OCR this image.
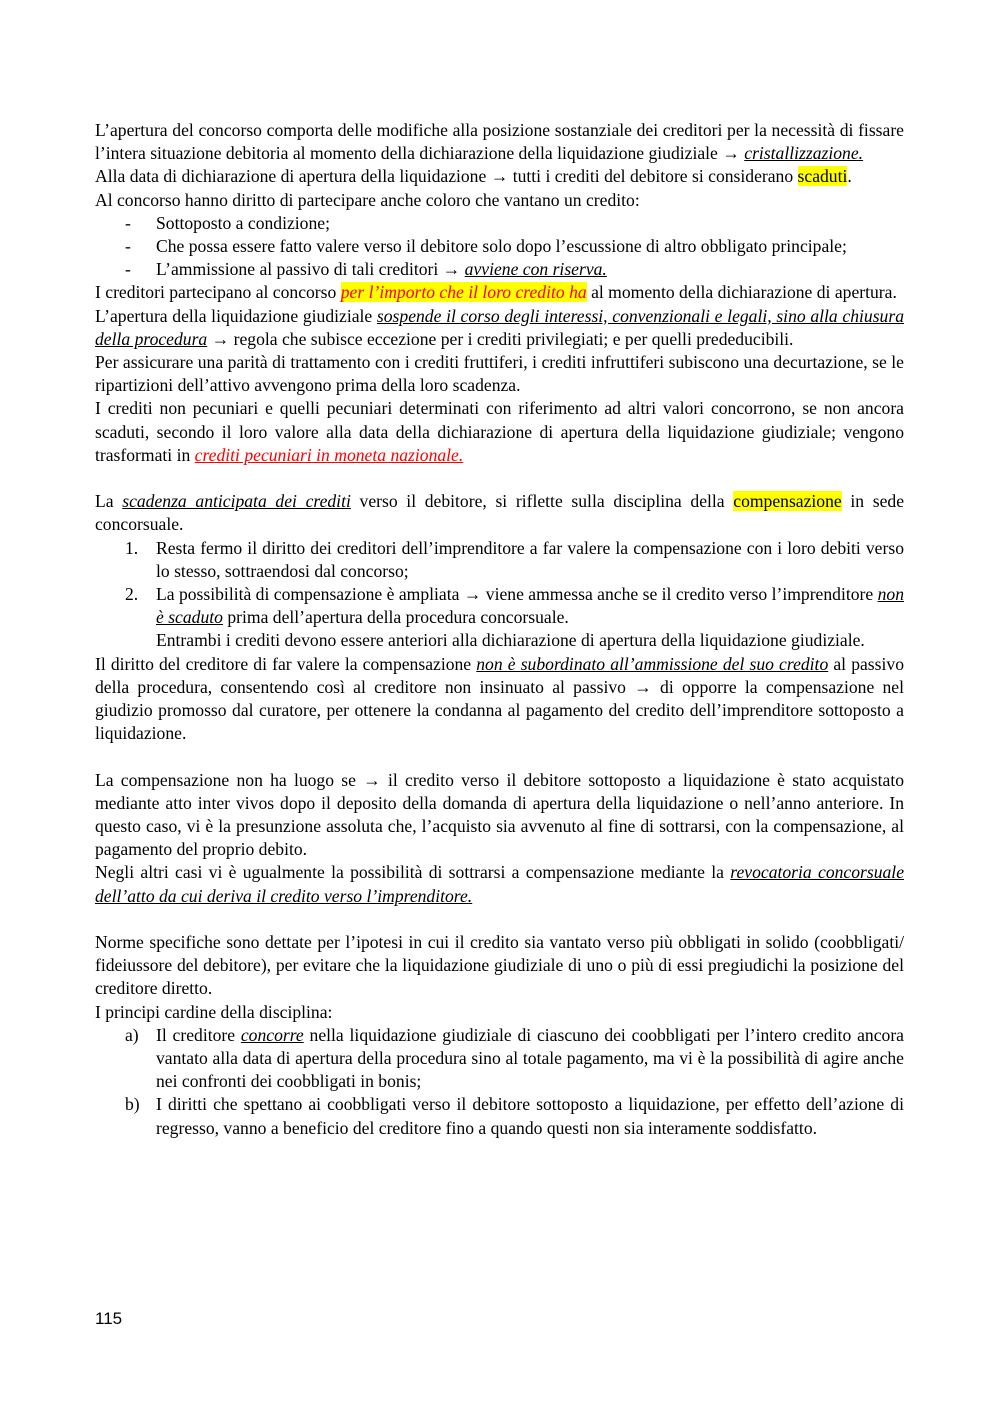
L’apertura del concorso comporta delle modifiche alla posizione sostanziale dei creditori per la necessità di fissare l’intera situazione debitoria al momento della dichiarazione della liquidazione giudiziale → cristallizzazione.

Alla data di dichiarazione di apertura della liquidazione → tutti i crediti del debitore si considerano scaduti.

Al concorso hanno diritto di partecipare anche coloro che vantano un credito:

- Sottoposto a condizione;
- Che possa essere fatto valere verso il debitore solo dopo l’escussione di altro obbligato principale;
- L’ammissione al passivo di tali creditori → avviene con riserva.

I creditori partecipano al concorso per l’importo che il loro credito ha al momento della dichiarazione di apertura.

L’apertura della liquidazione giudiziale sospende il corso degli interessi, convenzionali e legali, sino alla chiusura della procedura → regola che subisce eccezione per i crediti privilegiati; e per quelli prededucibili.

Per assicurare una parità di trattamento con i crediti fruttiferi, i crediti infruttiferi subiscono una decurtazione, se le ripartizioni dell’attivo avvengono prima della loro scadenza.

I crediti non pecuniari e quelli pecuniari determinati con riferimento ad altri valori concorrono, se non ancora scaduti, secondo il loro valore alla data della dichiarazione di apertura della liquidazione giudiziale; vengono trasformati in crediti pecuniari in moneta nazionale.

La scadenza anticipata dei crediti verso il debitore, si riflette sulla disciplina della compensazione in sede concorsuale.

1. Resta fermo il diritto dei creditori dell’imprenditore a far valere la compensazione con i loro debiti verso lo stesso, sottraendosi dal concorso;
2. La possibilità di compensazione è ampliata → viene ammessa anche se il credito verso l’imprenditore non è scaduto prima dell’apertura della procedura concorsuale.
Entrambi i crediti devono essere anteriori alla dichiarazione di apertura della liquidazione giudiziale.

Il diritto del creditore di far valere la compensazione non è subordinato all’ammissione del suo credito al passivo della procedura, consentendo così al creditore non insinuato al passivo → di opporre la compensazione nel giudizio promosso dal curatore, per ottenere la condanna al pagamento del credito dell’imprenditore sottoposto a liquidazione.

La compensazione non ha luogo se → il credito verso il debitore sottoposto a liquidazione è stato acquistato mediante atto inter vivos dopo il deposito della domanda di apertura della liquidazione o nell’anno anteriore. In questo caso, vi è la presunzione assoluta che, l’acquisto sia avvenuto al fine di sottrarsi, con la compensazione, al pagamento del proprio debito.

Negli altri casi vi è ugualmente la possibilità di sottrarsi a compensazione mediante la revocatoria concorsuale dell’atto da cui deriva il credito verso l’imprenditore.

Norme specifiche sono dettate per l’ipotesi in cui il credito sia vantato verso più obbligati in solido (coobbligati/ fideiussore del debitore), per evitare che la liquidazione giudiziale di uno o più di essi pregiudichi la posizione del creditore diretto.

I principi cardine della disciplina:

a) Il creditore concorre nella liquidazione giudiziale di ciascuno dei coobbligati per l’intero credito ancora vantato alla data di apertura della procedura sino al totale pagamento, ma vi è la possibilità di agire anche nei confronti dei coobbligati in bonis;
b) I diritti che spettano ai coobbligati verso il debitore sottoposto a liquidazione, per effetto dell’azione di regresso, vanno a beneficio del creditore fino a quando questi non sia interamente soddisfatto.
115
